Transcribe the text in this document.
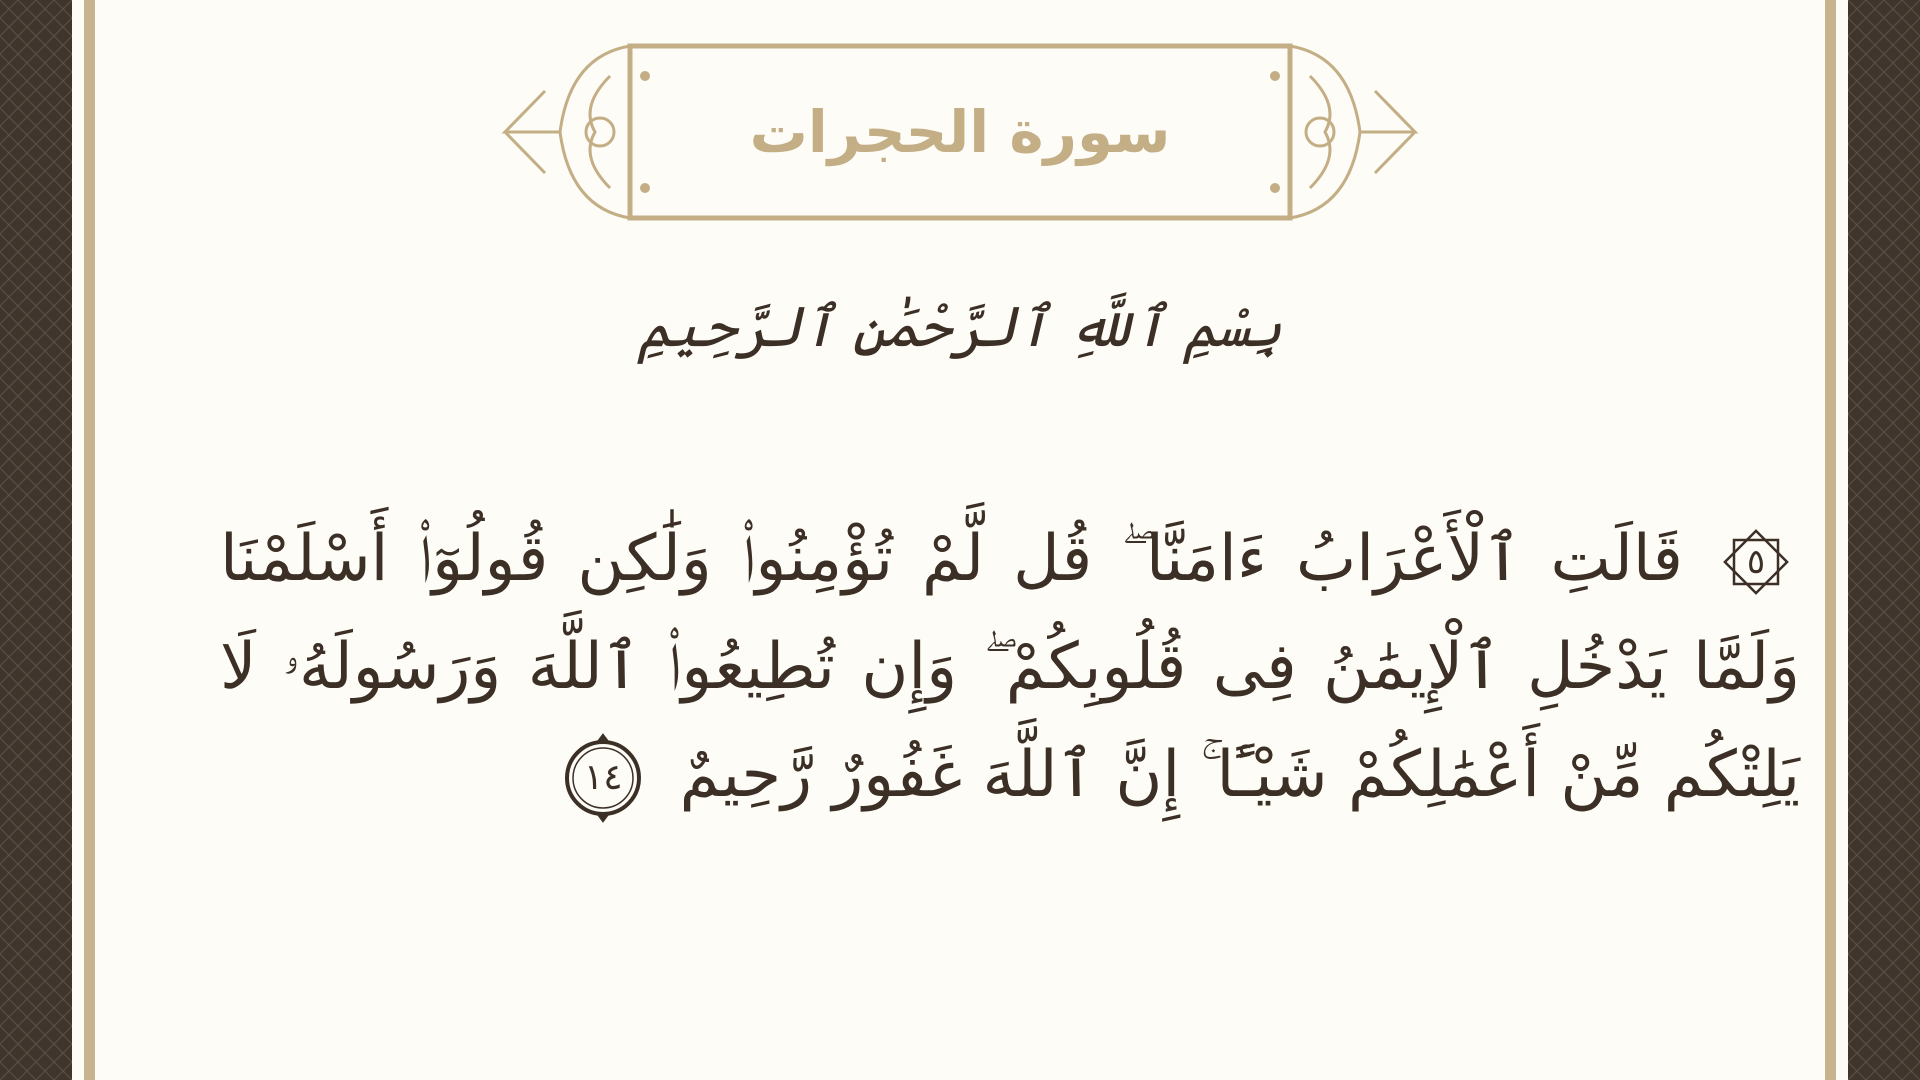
سورة الحجرات
بِسْمِ ٱللَّهِ ٱلرَّحْمَٰنِ ٱلرَّحِيمِ
٥
قَالَتِ ٱلْأَعْرَابُ ءَامَنَّا ۖ قُل لَّمْ تُؤْمِنُوا۟ وَلَٰكِن قُولُوٓا۟ أَسْلَمْنَا وَلَمَّا يَدْخُلِ ٱلْإِيمَٰنُ فِى قُلُوبِكُمْ ۖ وَإِن تُطِيعُوا۟ ٱللَّهَ وَرَسُولَهُۥ لَا يَلِتْكُم مِّنْ أَعْمَٰلِكُمْ شَيْـًٔا ۚ إِنَّ ٱللَّهَ غَفُورٌ رَّحِيمٌ
١٤
